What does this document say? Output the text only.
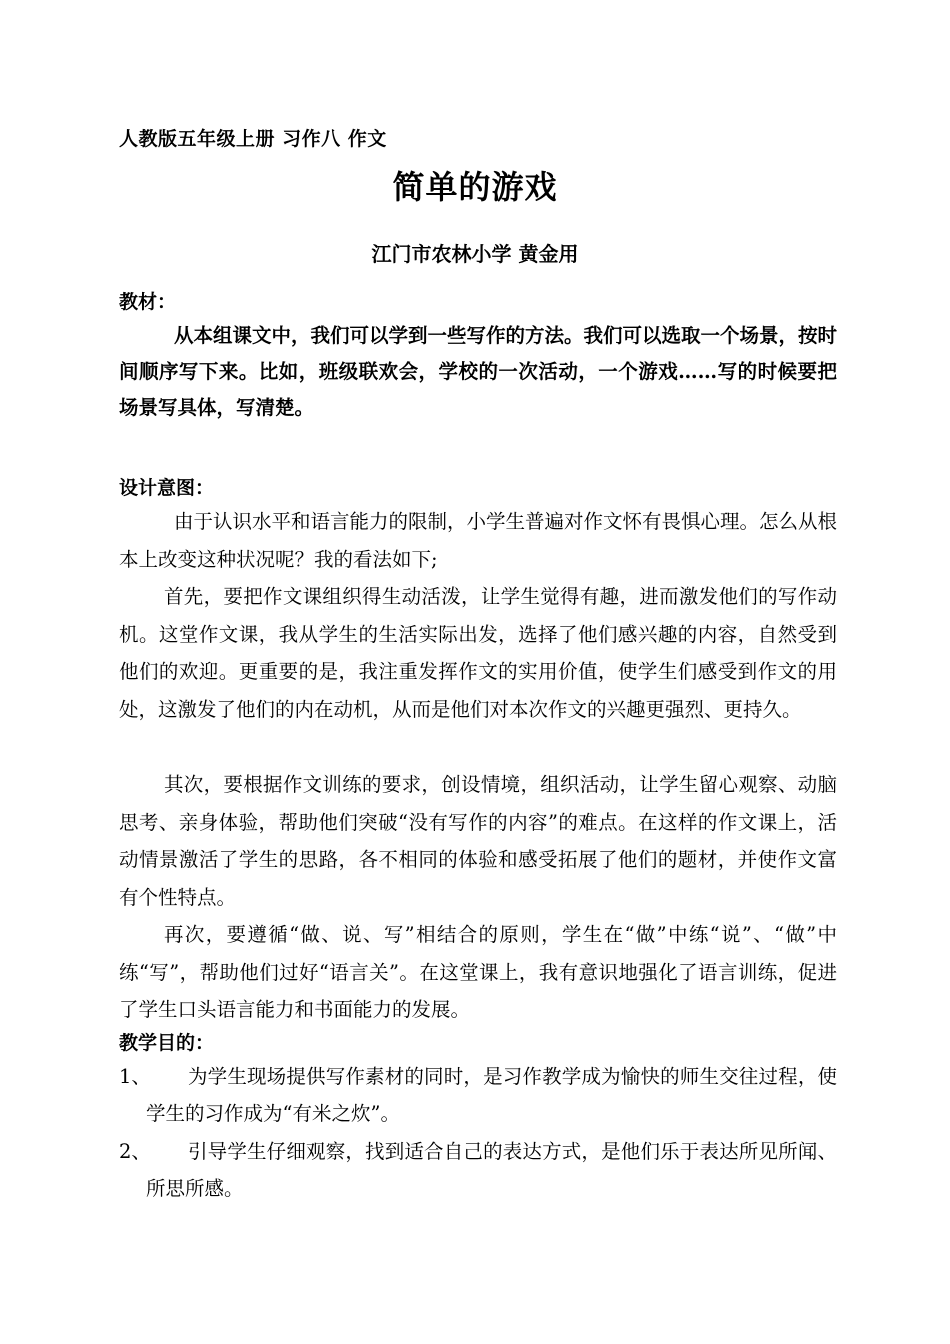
人教版五年级上册 习作八 作文
简单的游戏
江门市农林小学 黄金用
教材：

从本组课文中，我们可以学到一些写作的方法。我们可以选取一个场景，按时间顺序写下来。比如，班级联欢会，学校的一次活动，一个游戏……写的时候要把场景写具体，写清楚。

设计意图：

由于认识水平和语言能力的限制，小学生普遍对作文怀有畏惧心理。怎么从根本上改变这种状况呢？我的看法如下;

首先，要把作文课组织得生动活泼，让学生觉得有趣，进而激发他们的写作动机。这堂作文课，我从学生的生活实际出发，选择了他们感兴趣的内容，自然受到他们的欢迎。更重要的是，我注重发挥作文的实用价值，使学生们感受到作文的用处，这激发了他们的内在动机，从而是他们对本次作文的兴趣更强烈、更持久。

其次，要根据作文训练的要求，创设情境，组织活动，让学生留心观察、动脑思考、亲身体验，帮助他们突破“没有写作的内容”的难点。在这样的作文课上，活动情景激活了学生的思路，各不相同的体验和感受拓展了他们的题材，并使作文富有个性特点。

再次，要遵循“做、说、写”相结合的原则，学生在“做”中练“说”、“做”中练“写”，帮助他们过好“语言关”。在这堂课上，我有意识地强化了语言训练，促进了学生口头语言能力和书面能力的发展。

教学目的：
1、	为学生现场提供写作素材的同时，是习作教学成为愉快的师生交往过程，使学生的习作成为“有米之炊”。
2、	引导学生仔细观察，找到适合自己的表达方式，是他们乐于表达所见所闻、所思所感。
